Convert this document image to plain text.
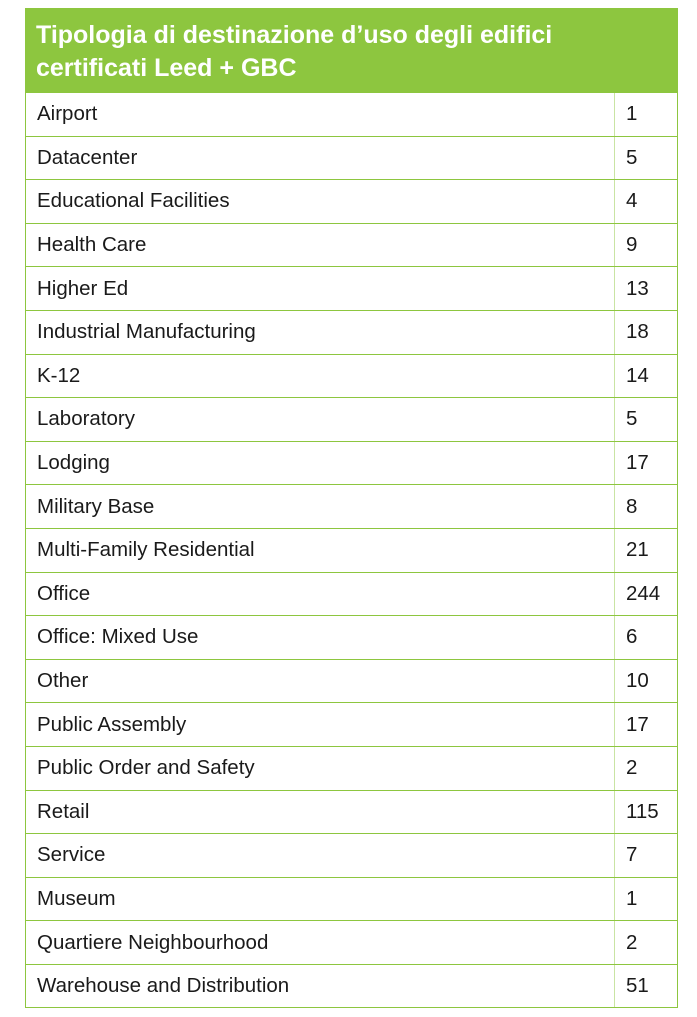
Tipologia di destinazione d’uso degli edifici certificati Leed + GBC
Airport	1
Datacenter	5
Educational Facilities	4
Health Care	9
Higher Ed	13
Industrial Manufacturing	18
K-12	14
Laboratory	5
Lodging	17
Military Base	8
Multi-Family Residential	21
Office	244
Office: Mixed Use	6
Other	10
Public Assembly	17
Public Order and Safety	2
Retail	115
Service	7
Museum	1
Quartiere Neighbourhood	2
Warehouse and Distribution	51
